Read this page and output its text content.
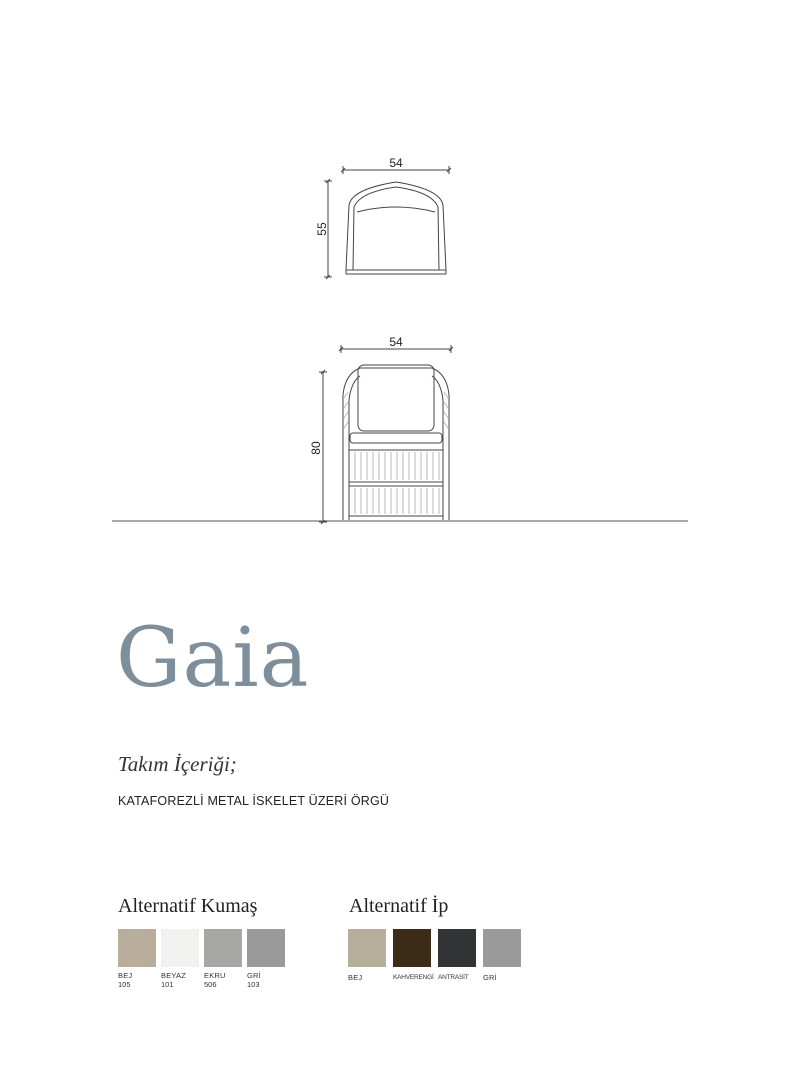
54
55
54
80
Gaia
Takım İçeriği;
KATAFOREZLİ METAL İSKELET ÜZERİ ÖRGÜ
Alternatif Kumaş
BEJ
105
BEYAZ
101
EKRU
506
GRİ
103
Alternatif İp
BEJ	KAHVERENGİ ANTRASİT	GRİ
